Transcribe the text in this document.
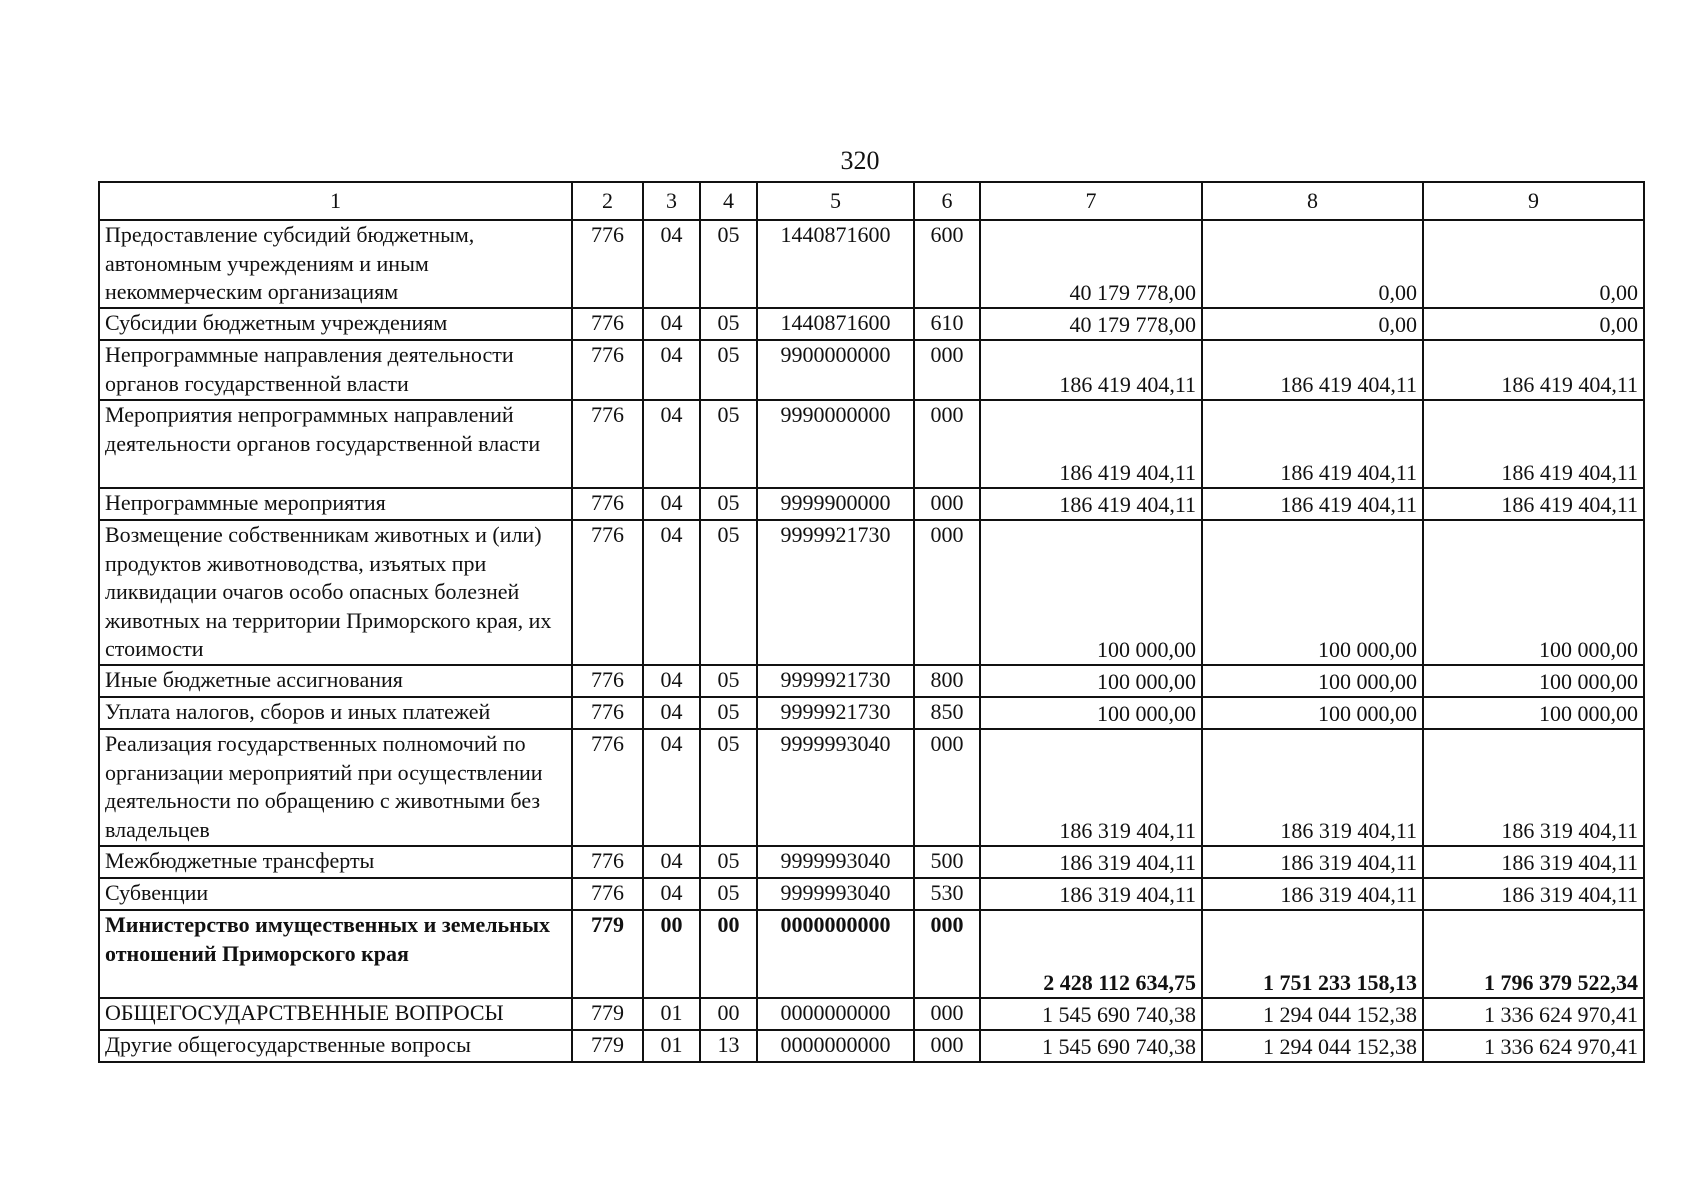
320
1	2	3	4	5	6	7	8	9
Предоставление субсидий бюджетным, автономным учреждениям и иным некоммерческим организациям	776	04	05	1440871600	600	40 179 778,00	0,00	0,00
Субсидии бюджетным учреждениям	776	04	05	1440871600	610	40 179 778,00	0,00	0,00
Непрограммные направления деятельности органов государственной власти	776	04	05	9900000000	000	186 419 404,11	186 419 404,11	186 419 404,11
Мероприятия непрограммных направлений деятельности органов государственной власти	776	04	05	9990000000	000	186 419 404,11	186 419 404,11	186 419 404,11
Непрограммные мероприятия	776	04	05	9999900000	000	186 419 404,11	186 419 404,11	186 419 404,11
Возмещение собственникам животных и (или) продуктов животноводства, изъятых при ликвидации очагов особо опасных болезней животных на территории Приморского края, их стоимости	776	04	05	9999921730	000	100 000,00	100 000,00	100 000,00
Иные бюджетные ассигнования	776	04	05	9999921730	800	100 000,00	100 000,00	100 000,00
Уплата налогов, сборов и иных платежей	776	04	05	9999921730	850	100 000,00	100 000,00	100 000,00
Реализация государственных полномочий по организации мероприятий при осуществлении деятельности по обращению с животными без владельцев	776	04	05	9999993040	000	186 319 404,11	186 319 404,11	186 319 404,11
Межбюджетные трансферты	776	04	05	9999993040	500	186 319 404,11	186 319 404,11	186 319 404,11
Субвенции	776	04	05	9999993040	530	186 319 404,11	186 319 404,11	186 319 404,11
Министерство имущественных и земельных отношений Приморского края	779	00	00	0000000000	000	2 428 112 634,75	1 751 233 158,13	1 796 379 522,34
ОБЩЕГОСУДАРСТВЕННЫЕ ВОПРОСЫ	779	01	00	0000000000	000	1 545 690 740,38	1 294 044 152,38	1 336 624 970,41
Другие общегосударственные вопросы	779	01	13	0000000000	000	1 545 690 740,38	1 294 044 152,38	1 336 624 970,41
